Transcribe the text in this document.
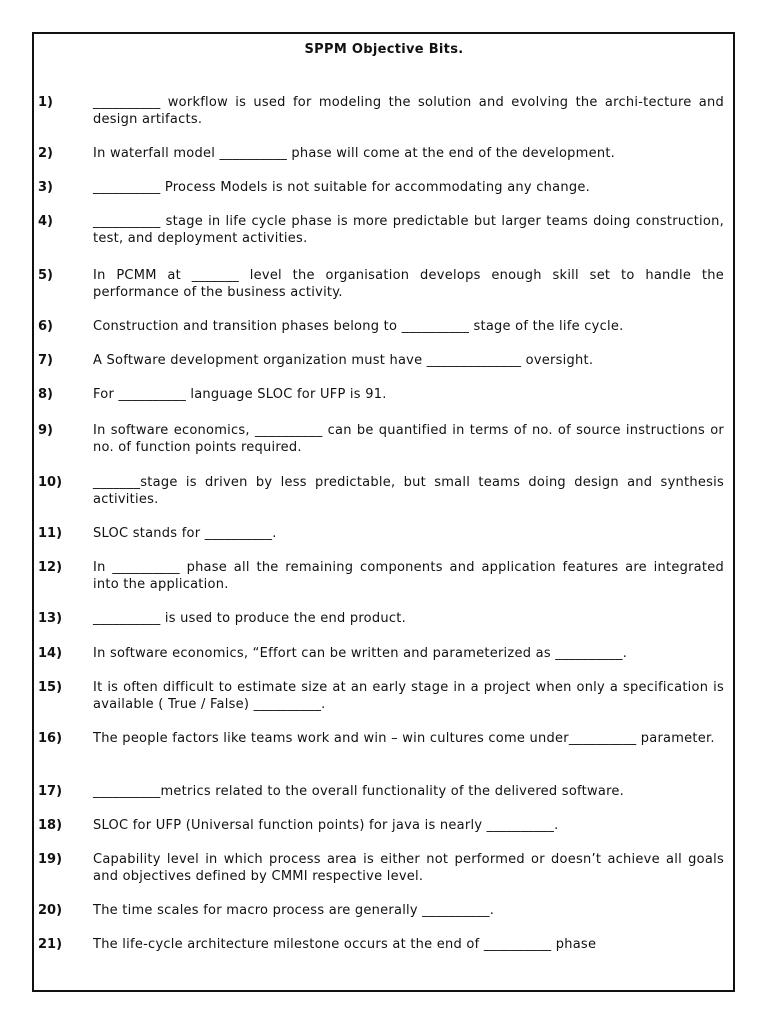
SPPM Objective Bits.
1)	__________ workflow is used for modeling the solution and evolving the archi-tecture and design artifacts.
2)	In waterfall model __________ phase will come at the end of the development.
3)	__________ Process Models is not suitable for accommodating any change.
4)	__________ stage in life cycle phase is more predictable but larger teams doing construction, test, and deployment activities.
5)	In PCMM at _______ level the organisation develops enough skill set to handle the performance of the business activity.
6)	Construction and transition phases belong to __________ stage of the life cycle.
7)	A Software development organization must have ______________ oversight.
8)	For __________ language SLOC for UFP is 91.
9)	In software economics, __________ can be quantified in terms of no. of source instructions or no. of function points required.
10)	_______stage is driven by less predictable, but small teams doing design and synthesis activities.
11)	SLOC stands for __________.
12)	In __________ phase all the remaining components and application features are integrated into the application.
13)	__________ is used to produce the end product.
14)	In software economics, “Effort can be written and parameterized as __________.
15)	It is often difficult to estimate size at an early stage in a project when only a specification is available ( True / False) __________.
16)	The people factors like teams work and win – win cultures come under__________ parameter.
17)	__________metrics related to the overall functionality of the delivered software.
18)	SLOC for UFP (Universal function points) for java is nearly __________.
19)	Capability level in which process area is either not performed or doesn’t achieve all goals and objectives defined by CMMI respective level.
20)	The time scales for macro process are generally __________.
21)	The life-cycle architecture milestone occurs at the end of __________ phase
